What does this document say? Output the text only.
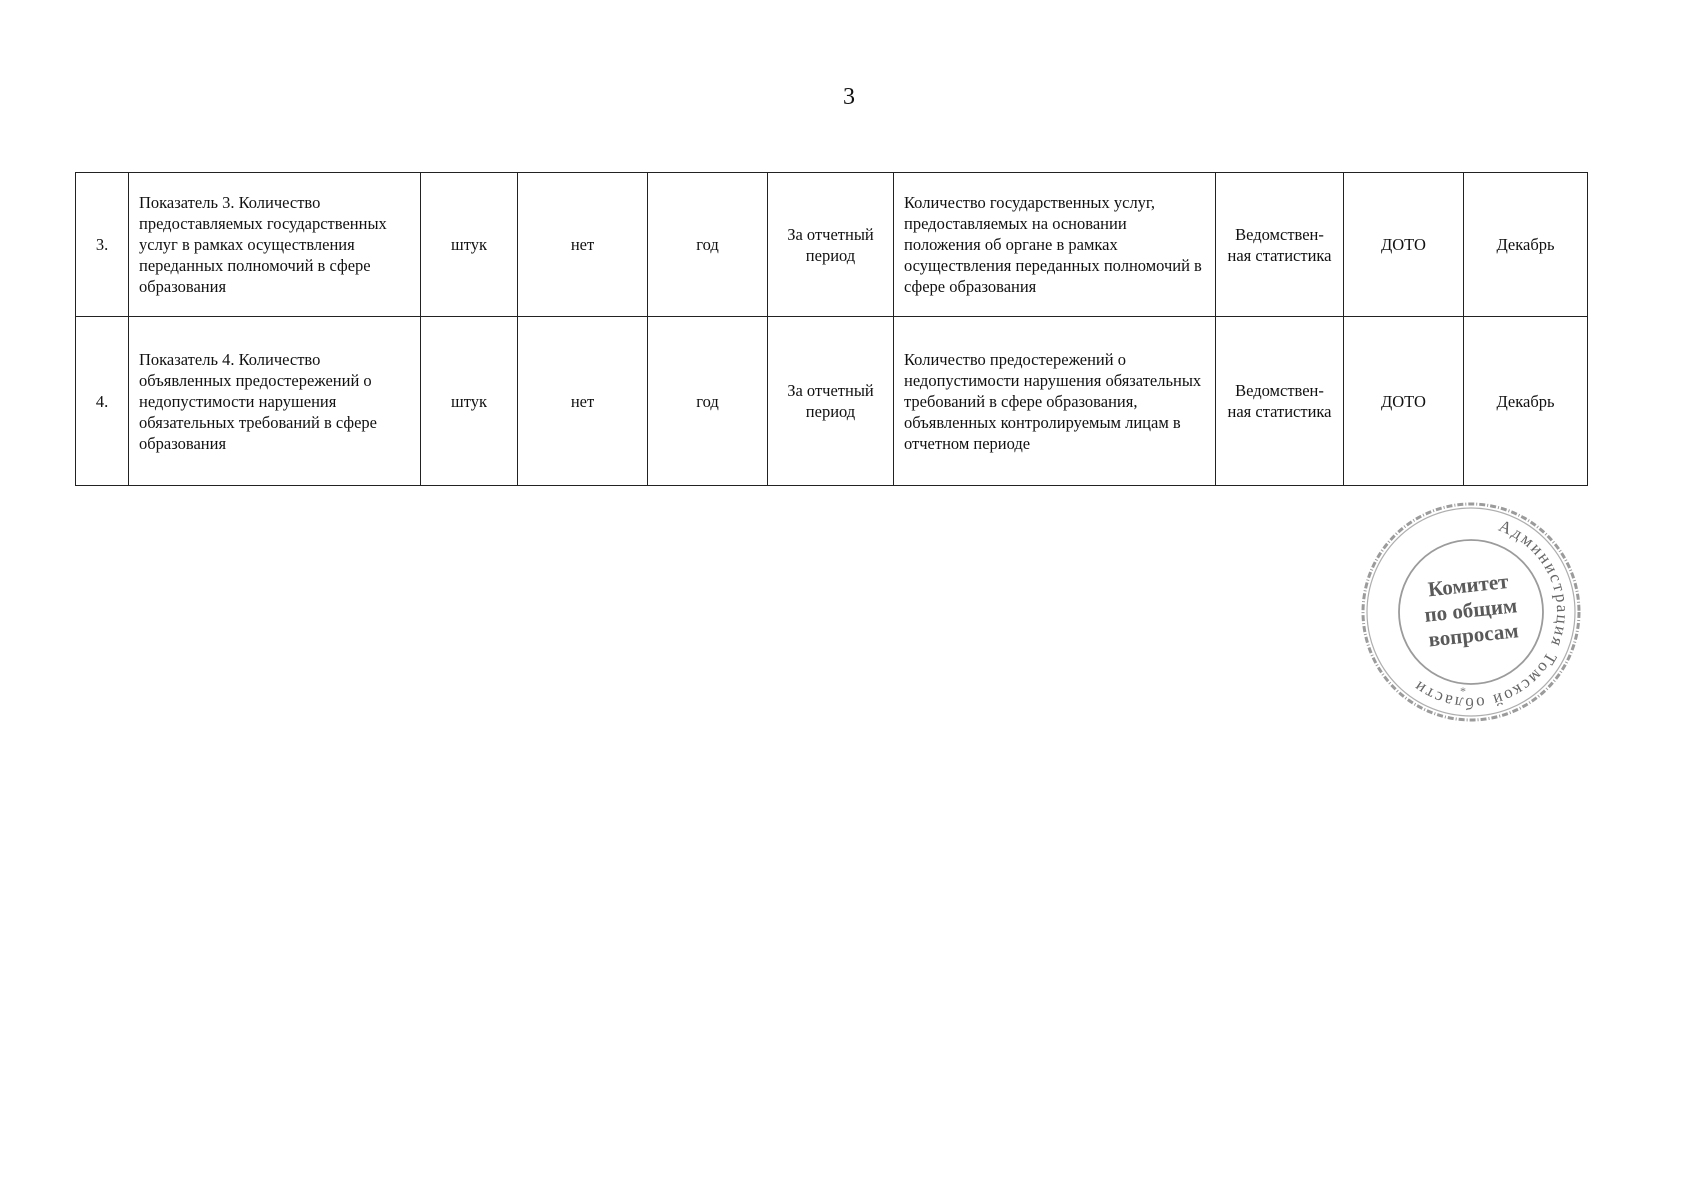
3
3.	Показатель 3. Количество предоставляемых государственных услуг в рамках осуществления переданных полномочий в сфере образования	штук	нет	год	За отчетный период	Количество государственных услуг, предоставляемых на основании положения об органе в рамках осуществления переданных полномочий в сфере образования	Ведомствен-ная статистика	ДОТО	Декабрь
4.	Показатель 4. Количество объявленных предостережений о недопустимости нарушения обязательных требований в сфере образования	штук	нет	год	За отчетный период	Количество предостережений о недопустимости нарушения обязательных требований в сфере образования, объявленных контролируемым лицам в отчетном периоде	Ведомствен-ная статистика	ДОТО	Декабрь
Администрация Томской области	*
Комитет
по общим
вопросам
